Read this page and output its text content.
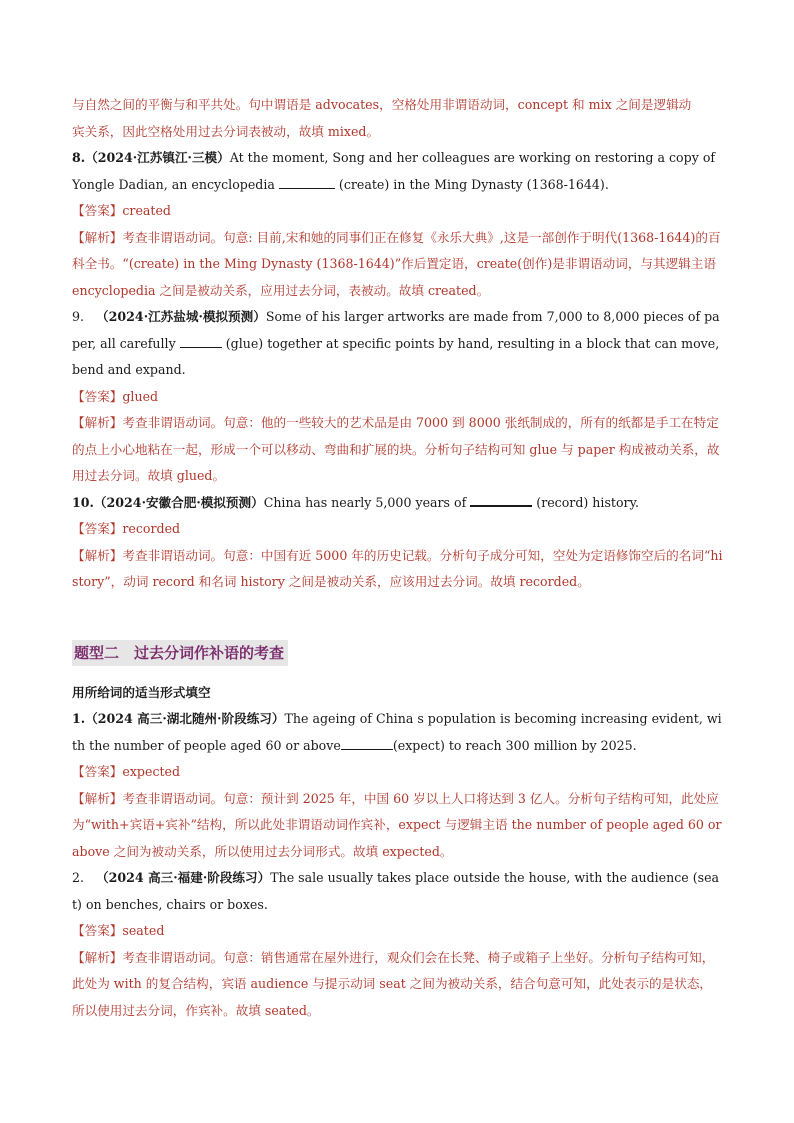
与自然之间的平衡与和平共处。句中谓语是 advocates，空格处用非谓语动词，concept 和 mix 之间是逻辑动
宾关系，因此空格处用过去分词表被动，故填 mixed。

8.（2024·江苏镇江·三模）At the moment, Song and her colleagues are working on restoring a copy of Yongle Dadian, an encyclopedia	(create) in the Ming Dynasty (1368-1644).

【答案】created

【解析】考查非谓语动词。句意: 目前,宋和她的同事们正在修复《永乐大典》,这是一部创作于明代(1368-1644)的百科全书。“(create) in the Ming Dynasty (1368-1644)”作后置定语，create(创作)是非谓语动词，与其逻辑主语 encyclopedia 之间是被动关系，应用过去分词，表被动。故填 created。

9. （2024·江苏盐城·模拟预测）Some of his larger artworks are made from 7,000 to 8,000 pieces of paper, all carefully	(glue) together at specific points by hand, resulting in a block that can move, bend and expand.

【答案】glued

【解析】考查非谓语动词。句意：他的一些较大的艺术品是由 7000 到 8000 张纸制成的，所有的纸都是手工在特定的点上小心地粘在一起，形成一个可以移动、弯曲和扩展的块。分析句子结构可知 glue 与 paper 构成被动关系，故用过去分词。故填 glued。

10.（2024·安徽合肥·模拟预测）China has nearly 5,000 years of	(record) history.

【答案】recorded

【解析】考查非谓语动词。句意：中国有近 5000 年的历史记载。分析句子成分可知，空处为定语修饰空后的名词“history”，动词 record 和名词 history 之间是被动关系，应该用过去分词。故填 recorded。

题型二　过去分词作补语的考查

用所给词的适当形式填空

1.（2024 高三·湖北随州·阶段练习）The ageing of China s population is becoming increasing evident, with the number of people aged 60 or above	(expect) to reach 300 million by 2025.

【答案】expected

【解析】考查非谓语动词。句意：预计到 2025 年，中国 60 岁以上人口将达到 3 亿人。分析句子结构可知，此处应为“with+宾语+宾补”结构，所以此处非谓语动词作宾补，expect 与逻辑主语 the number of people aged 60 or above 之间为被动关系，所以使用过去分词形式。故填 expected。

2. （2024 高三·福建·阶段练习）The sale usually takes place outside the house, with the audience (seat) on benches, chairs or boxes.

【答案】seated

【解析】考查非谓语动词。句意：销售通常在屋外进行，观众们会在长凳、椅子或箱子上坐好。分析句子结构可知，此处为 with 的复合结构，宾语 audience 与提示动词 seat 之间为被动关系，结合句意可知，此处表示的是状态，所以使用过去分词，作宾补。故填 seated。
